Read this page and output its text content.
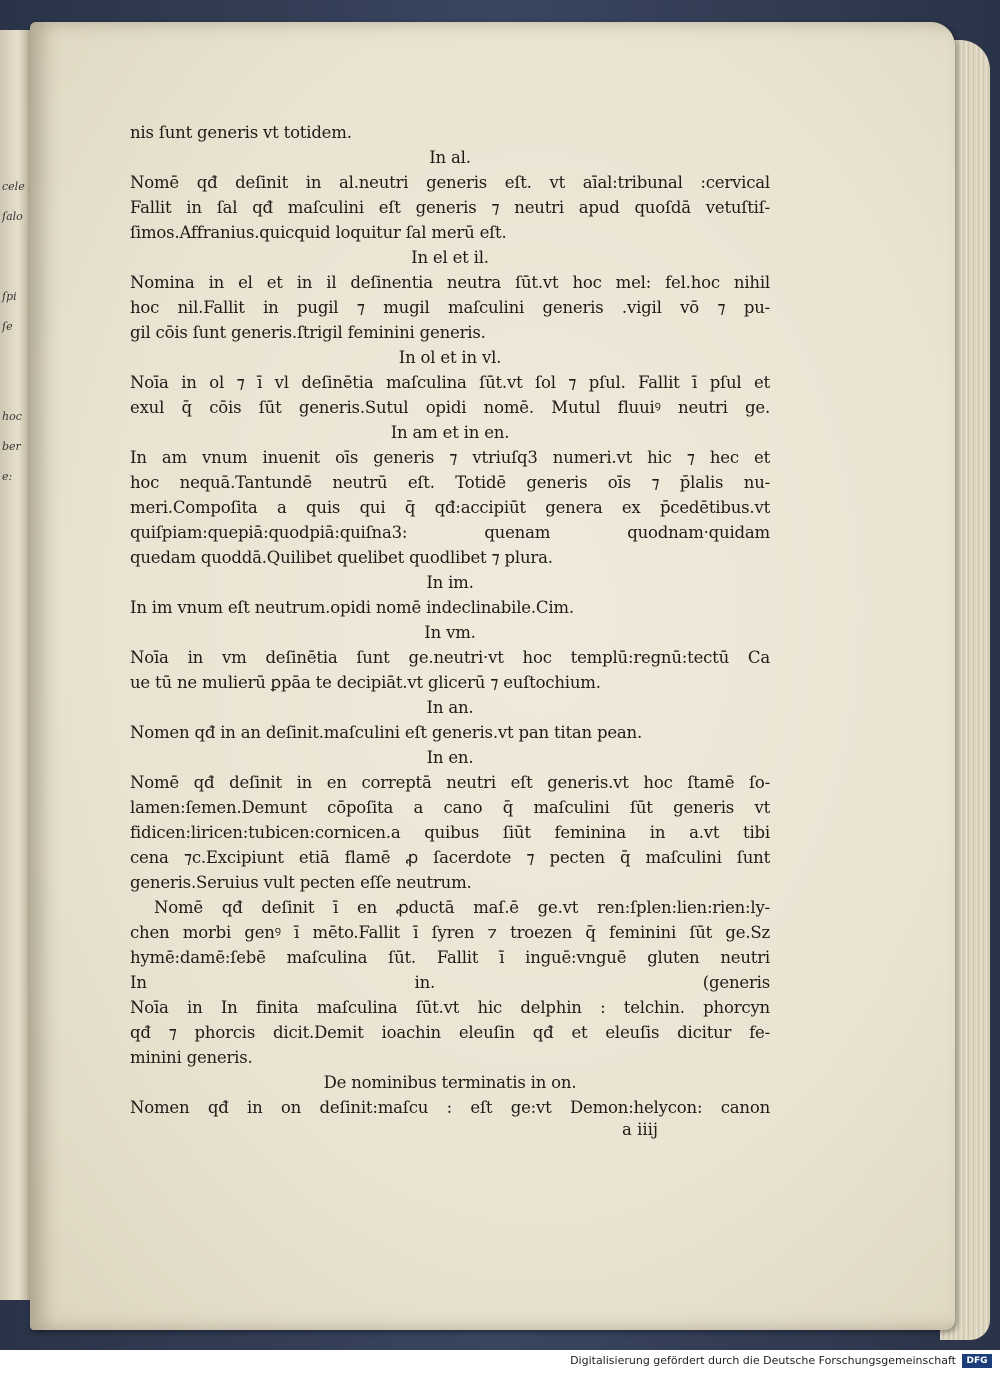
cele
ſalo
ſpi
ſe
hoc
ber
e:
nis ſunt generis vt totidem.
In al.
Nomē qđ deſinit in al.neutri generis eſt. vt aīal:tribunal :cervical
Fallit in ſal qđ maſculini eſt generis ⁊ neutri apud quoſdā vetuſtiſ-
ſimos.Affranius.quicquid loquitur ſal merū eſt.
In el et il.
Nomina in el et in il deſinentia neutra ſūt.vt hoc mel: fel.hoc nihil
hoc nil.Fallit in pugil ⁊ mugil maſculini generis .vigil vō ⁊ pu-
gil cōis ſunt generis.ſtrigil feminini generis.
In ol et in vl.
Noīa in ol ⁊ ī vl deſinētia maſculina ſūt.vt ſol ⁊ pſul. Fallit ī pſul et
exul q̄ cōis ſūt generis.Sutul opidi nomē. Mutul fluuiꝰ neutri ge.
In am et in en.
In am vnum inuenit oīs generis ⁊ vtriuſq3 numeri.vt hic ⁊ hec et
hoc nequā.Tantundē neutrū eſt. Totidē generis oīs ⁊ p̄lalis nu-
meri.Compoſita a quis qui q̄ qđ:accipiūt genera ex p̄cedētibus.vt
quiſpiam:quepiā:quodpiā:quiſna3: quenam quodnam·quidam
quedam quoddā.Quilibet quelibet quodlibet ⁊ plura.
In im.
In im vnum eſt neutrum.opidi nomē indeclinabile.Cim.
In vm.
Noīa in vm deſinētia ſunt ge.neutri·vt hoc templū:regnū:tectū Ca
ue tū ne mulierū ꝑpāa te decipiāt.vt glicerū ⁊ euſtochium.
In an.
Nomen qđ in an deſinit.maſculini eſt generis.vt pan titan pean.
In en.
Nomē qđ deſinit in en correptā neutri eſt generis.vt hoc ſtamē ſo-
lamen:ſemen.Demunt cōpoſita a cano q̄ maſculini ſūt generis vt
fidicen:liricen:tubicen:cornicen.a quibus ſiūt feminina in a.vt tibi
cena ⁊c.Excipiunt etiā flamē ꝓ ſacerdote ⁊ pecten q̄ maſculini ſunt
generis.Seruius vult pecten eſſe neutrum.
Nomē qđ deſinit ī en ꝓductā maſ.ē ge.vt ren:ſplen:lien:rien:ly-
chen morbi genꝰ ī mēto.Fallit ī ſyren ⁊ troezen q̄ feminini ſūt ge.Sz
hymē:damē:ſebē maſculina ſūt. Fallit ī inguē:vnguē gluten neutri
In in. (generis
Noīa in In finita maſculina ſūt.vt hic delphin : telchin. phorcyn
qđ ⁊ phorcis dicit.Demit ioachin eleuſin qđ et eleuſis dicitur fe-
minini generis.
De nominibus terminatis in on.
Nomen qđ in on deſinit:maſcu : eſt ge:vt Demon:helycon: canon
a iiij
Digitalisierung gefördert durch die Deutsche Forschungsgemeinschaft	DFG
